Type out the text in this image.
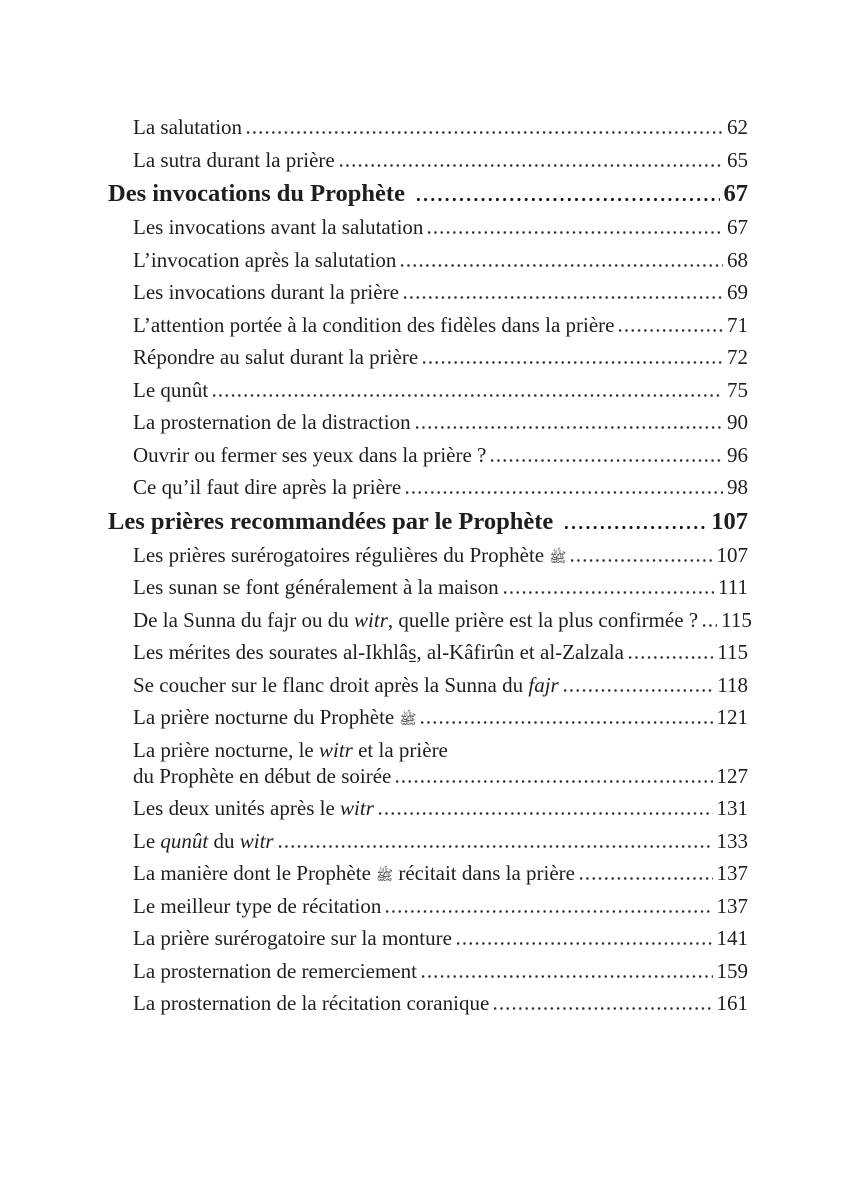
La salutation	62
La sutra durant la prière	65
Des invocations du Prophète	67
Les invocations avant la salutation	67
L’invocation après la salutation	68
Les invocations durant la prière	69
L’attention portée à la condition des fidèles dans la prière	71
Répondre au salut durant la prière	72
Le qunût	75
La prosternation de la distraction	90
Ouvrir ou fermer ses yeux dans la prière ?	96
Ce qu’il faut dire après la prière	98
Les prières recommandées par le Prophète	107
Les prières surérogatoires régulières du Prophète ﷺ	107
Les sunan se font généralement à la maison	111
De la Sunna du fajr ou du witr, quelle prière est la plus confirmée ? 115
Les mérites des sourates al-Ikhlâs̱, al-Kâfirûn et al-Zalzala	115
Se coucher sur le flanc droit après la Sunna du fajr	118
La prière nocturne du Prophète ﷺ	121
La prière nocturne, le witr et la prière
du Prophète en début de soirée	127
Les deux unités après le witr	131
Le qunût du witr	133
La manière dont le Prophète ﷺ récitait dans la prière	137
Le meilleur type de récitation	137
La prière surérogatoire sur la monture	141
La prosternation de remerciement	159
La prosternation de la récitation coranique	161
